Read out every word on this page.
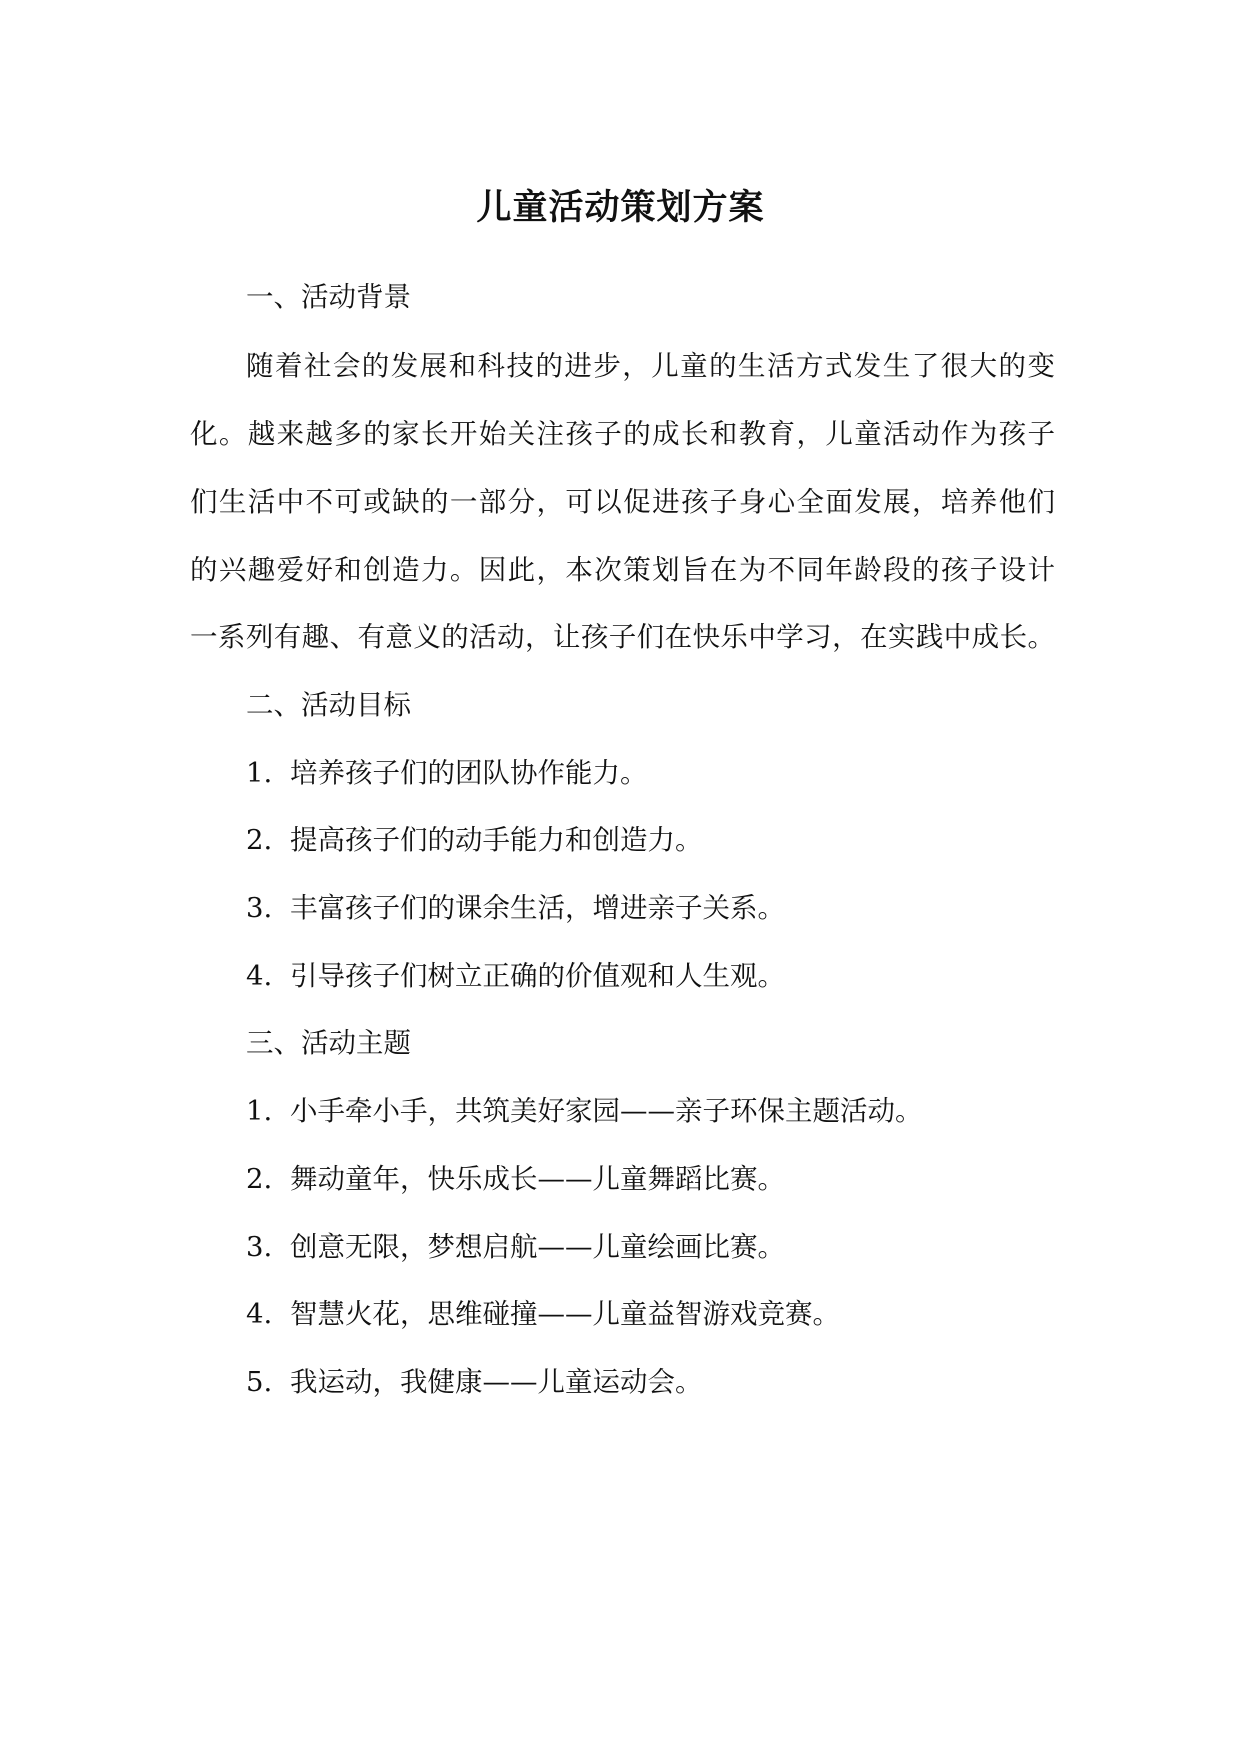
儿童活动策划方案
一、活动背景
随着社会的发展和科技的进步，儿童的生活方式发生了很大的变
化。越来越多的家长开始关注孩子的成长和教育，儿童活动作为孩子
们生活中不可或缺的一部分，可以促进孩子身心全面发展，培养他们
的兴趣爱好和创造力。因此，本次策划旨在为不同年龄段的孩子设计
一系列有趣、有意义的活动，让孩子们在快乐中学习，在实践中成长。
二、活动目标
1. 培养孩子们的团队协作能力。
2. 提高孩子们的动手能力和创造力。
3. 丰富孩子们的课余生活，增进亲子关系。
4. 引导孩子们树立正确的价值观和人生观。
三、活动主题
1. 小手牵小手，共筑美好家园——亲子环保主题活动。
2. 舞动童年，快乐成长——儿童舞蹈比赛。
3. 创意无限，梦想启航——儿童绘画比赛。
4. 智慧火花，思维碰撞——儿童益智游戏竞赛。
5. 我运动，我健康——儿童运动会。
